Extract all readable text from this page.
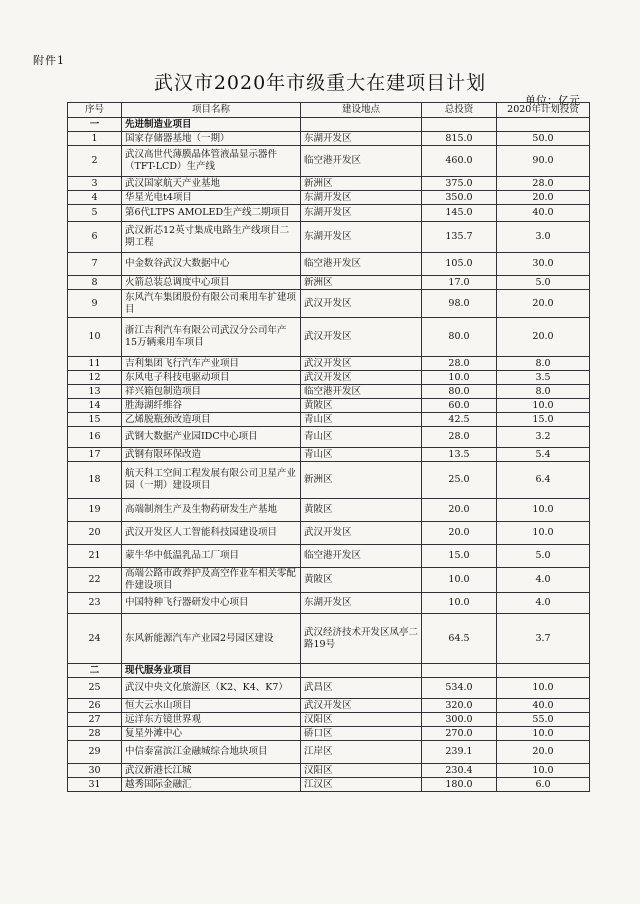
附件1
武汉市2020年市级重大在建项目计划
单位：亿元
序号	项目名称	建设地点	总投资	2020年计划投资
一	先进制造业项目			
1	国家存储器基地（一期）	东湖开发区	815.0	50.0
2	武汉高世代薄膜晶体管液晶显示器件（TFT-LCD）生产线	临空港开发区	460.0	90.0
3	武汉国家航天产业基地	新洲区	375.0	28.0
4	华星光电t4项目	东湖开发区	350.0	20.0
5	第6代LTPS AMOLED生产线二期项目	东湖开发区	145.0	40.0
6	武汉新芯12英寸集成电路生产线项目二期工程	东湖开发区	135.7	3.0
7	中金数谷武汉大数据中心	临空港开发区	105.0	30.0
8	火箭总装总调度中心项目	新洲区	17.0	5.0
9	东风汽车集团股份有限公司乘用车扩建项目	武汉开发区	98.0	20.0
10	浙江吉利汽车有限公司武汉分公司年产15万辆乘用车项目	武汉开发区	80.0	20.0
11	吉利集团飞行汽车产业项目	武汉开发区	28.0	8.0
12	东风电子科技电驱动项目	武汉开发区	10.0	3.5
13	祥兴箱包制造项目	临空港开发区	80.0	8.0
14	胜海湖纤维谷	黄陂区	60.0	10.0
15	乙烯脱瓶颈改造项目	青山区	42.5	15.0
16	武钢大数据产业园IDC中心项目	青山区	28.0	3.2
17	武钢有限环保改造	青山区	13.5	5.4
18	航天科工空间工程发展有限公司卫星产业园（一期）建设项目	新洲区	25.0	6.4
19	高端制剂生产及生物药研发生产基地	黄陂区	20.0	10.0
20	武汉开发区人工智能科技园建设项目	武汉开发区	20.0	10.0
21	蒙牛华中低温乳品工厂项目	临空港开发区	15.0	5.0
22	高端公路市政养护及高空作业车相关零配件建设项目	黄陂区	10.0	4.0
23	中国特种飞行器研发中心项目	东湖开发区	10.0	4.0
24	东风新能源汽车产业园2号园区建设	武汉经济技术开发区凤亭二路19号	64.5	3.7
二	现代服务业项目			
25	武汉中央文化旅游区（K2、K4、K7）	武昌区	534.0	10.0
26	恒大云水山项目	武汉开发区	320.0	40.0
27	远洋东方镜世界观	汉阳区	300.0	55.0
28	复星外滩中心	硚口区	270.0	10.0
29	中信泰富滨江金融城综合地块项目	江岸区	239.1	20.0
30	武汉新港长江城	汉阳区	230.4	10.0
31	越秀国际金融汇	江汉区	180.0	6.0
